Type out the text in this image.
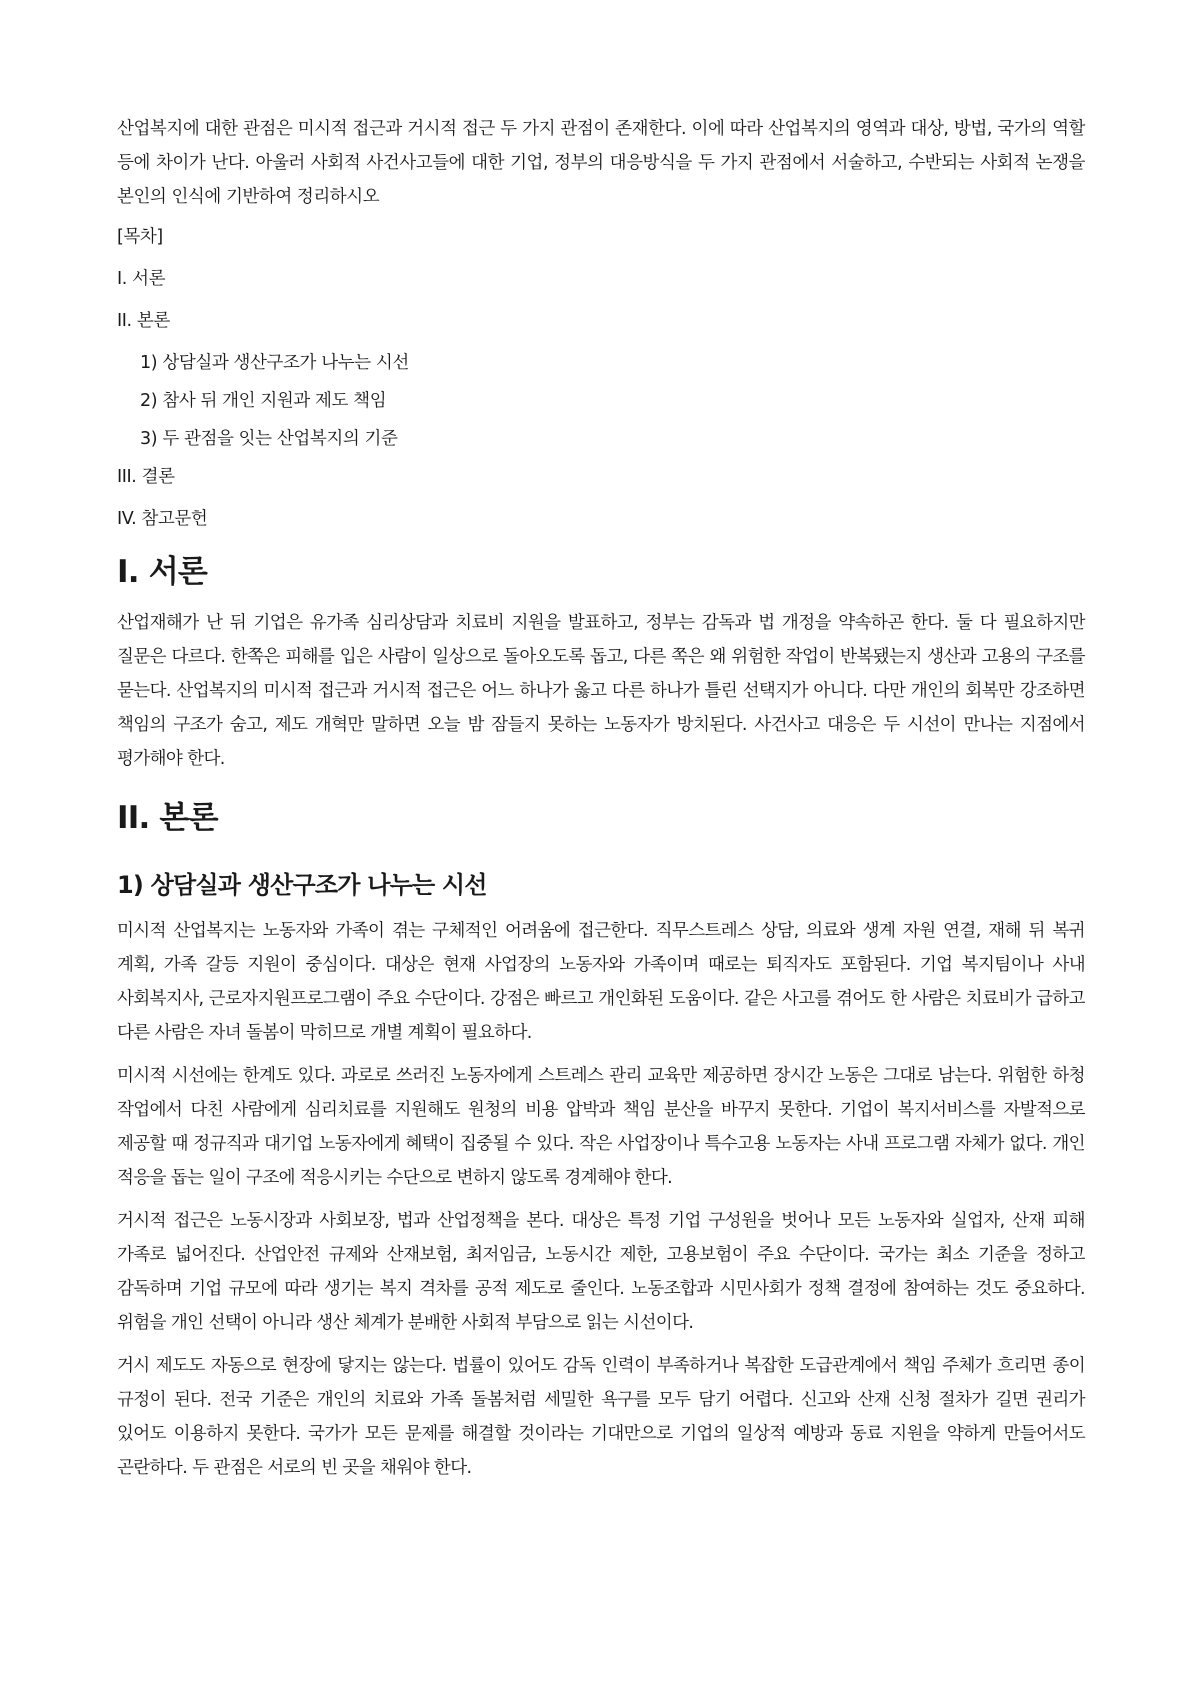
산업복지에 대한 관점은 미시적 접근과 거시적 접근 두 가지 관점이 존재한다. 이에 따라 산업복지의 영역과 대상, 방법, 국가의 역할 등에 차이가 난다. 아울러 사회적 사건사고들에 대한 기업, 정부의 대응방식을 두 가지 관점에서 서술하고, 수반되는 사회적 논쟁을 본인의 인식에 기반하여 정리하시오

[목차]
I. 서론
II. 본론
1) 상담실과 생산구조가 나누는 시선
2) 참사 뒤 개인 지원과 제도 책임
3) 두 관점을 잇는 산업복지의 기준
III. 결론
IV. 참고문헌
I. 서론

산업재해가 난 뒤 기업은 유가족 심리상담과 치료비 지원을 발표하고, 정부는 감독과 법 개정을 약속하곤 한다. 둘 다 필요하지만 질문은 다르다. 한쪽은 피해를 입은 사람이 일상으로 돌아오도록 돕고, 다른 쪽은 왜 위험한 작업이 반복됐는지 생산과 고용의 구조를 묻는다. 산업복지의 미시적 접근과 거시적 접근은 어느 하나가 옳고 다른 하나가 틀린 선택지가 아니다. 다만 개인의 회복만 강조하면 책임의 구조가 숨고, 제도 개혁만 말하면 오늘 밤 잠들지 못하는 노동자가 방치된다. 사건사고 대응은 두 시선이 만나는 지점에서 평가해야 한다.

II. 본론
1) 상담실과 생산구조가 나누는 시선

미시적 산업복지는 노동자와 가족이 겪는 구체적인 어려움에 접근한다. 직무스트레스 상담, 의료와 생계 자원 연결, 재해 뒤 복귀 계획, 가족 갈등 지원이 중심이다. 대상은 현재 사업장의 노동자와 가족이며 때로는 퇴직자도 포함된다. 기업 복지팀이나 사내 사회복지사, 근로자지원프로그램이 주요 수단이다. 강점은 빠르고 개인화된 도움이다. 같은 사고를 겪어도 한 사람은 치료비가 급하고 다른 사람은 자녀 돌봄이 막히므로 개별 계획이 필요하다.

미시적 시선에는 한계도 있다. 과로로 쓰러진 노동자에게 스트레스 관리 교육만 제공하면 장시간 노동은 그대로 남는다. 위험한 하청 작업에서 다친 사람에게 심리치료를 지원해도 원청의 비용 압박과 책임 분산을 바꾸지 못한다. 기업이 복지서비스를 자발적으로 제공할 때 정규직과 대기업 노동자에게 혜택이 집중될 수 있다. 작은 사업장이나 특수고용 노동자는 사내 프로그램 자체가 없다. 개인 적응을 돕는 일이 구조에 적응시키는 수단으로 변하지 않도록 경계해야 한다.

거시적 접근은 노동시장과 사회보장, 법과 산업정책을 본다. 대상은 특정 기업 구성원을 벗어나 모든 노동자와 실업자, 산재 피해 가족로 넓어진다. 산업안전 규제와 산재보험, 최저임금, 노동시간 제한, 고용보험이 주요 수단이다. 국가는 최소 기준을 정하고 감독하며 기업 규모에 따라 생기는 복지 격차를 공적 제도로 줄인다. 노동조합과 시민사회가 정책 결정에 참여하는 것도 중요하다. 위험을 개인 선택이 아니라 생산 체계가 분배한 사회적 부담으로 읽는 시선이다.

거시 제도도 자동으로 현장에 닿지는 않는다. 법률이 있어도 감독 인력이 부족하거나 복잡한 도급관계에서 책임 주체가 흐리면 종이 규정이 된다. 전국 기준은 개인의 치료와 가족 돌봄처럼 세밀한 욕구를 모두 담기 어렵다. 신고와 산재 신청 절차가 길면 권리가 있어도 이용하지 못한다. 국가가 모든 문제를 해결할 것이라는 기대만으로 기업의 일상적 예방과 동료 지원을 약하게 만들어서도 곤란하다. 두 관점은 서로의 빈 곳을 채워야 한다.
